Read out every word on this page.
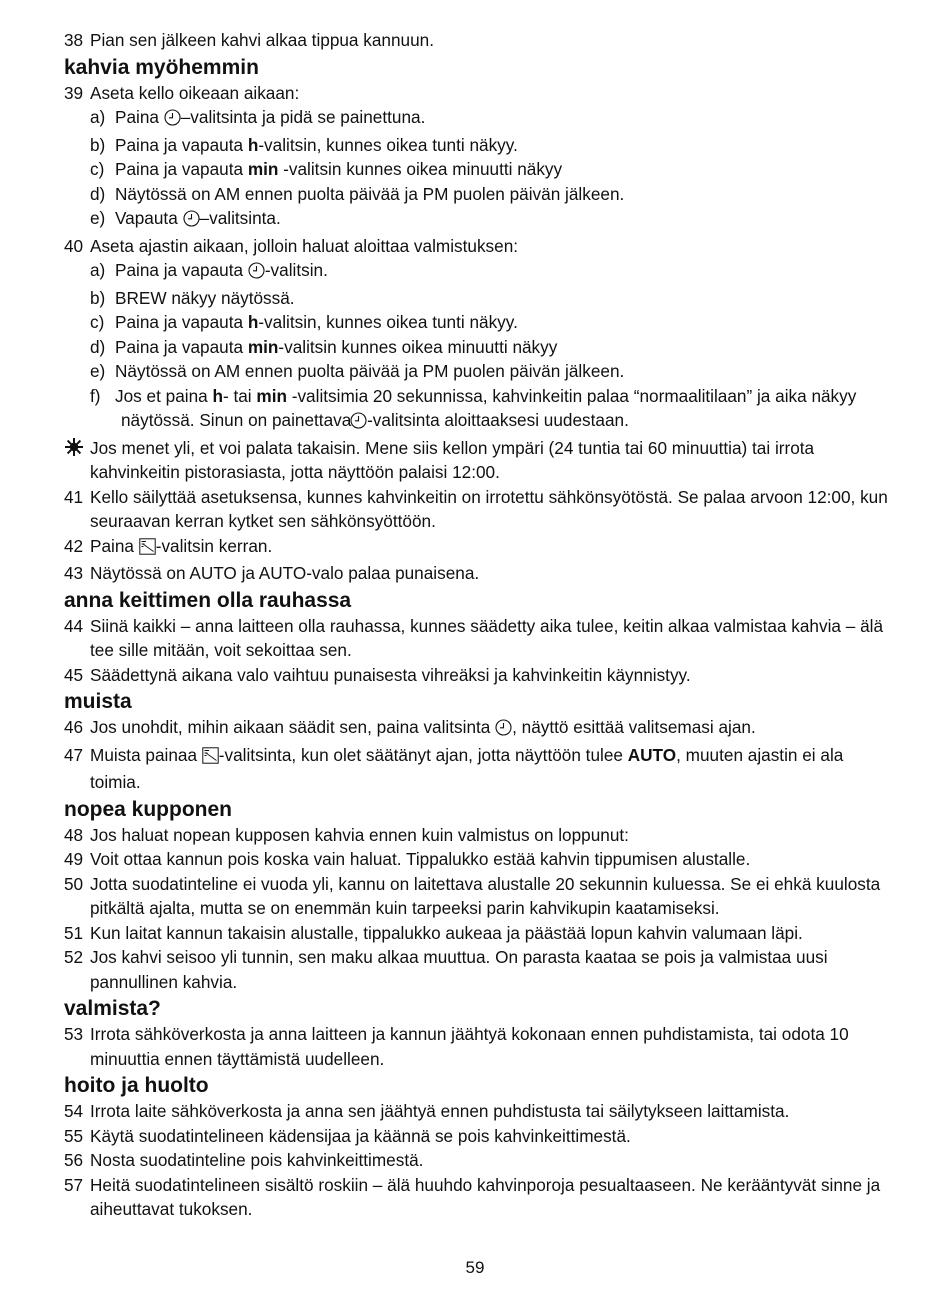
38 Pian sen jälkeen kahvi alkaa tippua kannuun.
kahvia myöhemmin
39 Aseta kello oikeaan aikaan:
a) Paina –valitsinta ja pidä se painettuna.
b) Paina ja vapauta h-valitsin, kunnes oikea tunti näkyy.
c) Paina ja vapauta min -valitsin kunnes oikea minuutti näkyy
d) Näytössä on AM ennen puolta päivää ja PM puolen päivän jälkeen.
e) Vapauta –valitsinta.
40 Aseta ajastin aikaan, jolloin haluat aloittaa valmistuksen:
a) Paina ja vapauta -valitsin.
b) BREW näkyy näytössä.
c) Paina ja vapauta h-valitsin, kunnes oikea tunti näkyy.
d) Paina ja vapauta min-valitsin kunnes oikea minuutti näkyy
e) Näytössä on AM ennen puolta päivää ja PM puolen päivän jälkeen.
f) Jos et paina h- tai min -valitsimia 20 sekunnissa, kahvinkeitin palaa “normaalitilaan” ja aika näkyy näytössä. Sinun on painettava -valitsinta aloittaaksesi uudestaan.
Jos menet yli, et voi palata takaisin. Mene siis kellon ympäri (24 tuntia tai 60 minuuttia) tai irrota kahvinkeitin pistorasiasta, jotta näyttöön palaisi 12:00.
41 Kello säilyttää asetuksensa, kunnes kahvinkeitin on irrotettu sähkönsyötöstä. Se palaa arvoon 12:00, kun seuraavan kerran kytket sen sähkönsyöttöön.
42 Paina -valitsin kerran.
43 Näytössä on AUTO ja AUTO-valo palaa punaisena.
anna keittimen olla rauhassa
44 Siinä kaikki – anna laitteen olla rauhassa, kunnes säädetty aika tulee, keitin alkaa valmistaa kahvia – älä tee sille mitään, voit sekoittaa sen.
45 Säädettynä aikana valo vaihtuu punaisesta vihreäksi ja kahvinkeitin käynnistyy.
muista
46 Jos unohdit, mihin aikaan säädit sen, paina valitsinta , näyttö esittää valitsemasi ajan.
47 Muista painaa -valitsinta, kun olet säätänyt ajan, jotta näyttöön tulee AUTO, muuten ajastin ei ala toimia.
nopea kupponen
48 Jos haluat nopean kupposen kahvia ennen kuin valmistus on loppunut:
49 Voit ottaa kannun pois koska vain haluat. Tippalukko estää kahvin tippumisen alustalle.
50 Jotta suodatinteline ei vuoda yli, kannu on laitettava alustalle 20 sekunnin kuluessa. Se ei ehkä kuulosta pitkältä ajalta, mutta se on enemmän kuin tarpeeksi parin kahvikupin kaatamiseksi.
51 Kun laitat kannun takaisin alustalle, tippalukko aukeaa ja päästää lopun kahvin valumaan läpi.
52 Jos kahvi seisoo yli tunnin, sen maku alkaa muuttua. On parasta kaataa se pois ja valmistaa uusi pannullinen kahvia.
valmista?
53 Irrota sähköverkosta ja anna laitteen ja kannun jäähtyä kokonaan ennen puhdistamista, tai odota 10 minuuttia ennen täyttämistä uudelleen.
hoito ja huolto
54 Irrota laite sähköverkosta ja anna sen jäähtyä ennen puhdistusta tai säilytykseen laittamista.
55 Käytä suodatintelineen kädensijaa ja käännä se pois kahvinkeittimestä.
56 Nosta suodatinteline pois kahvinkeittimestä.
57 Heitä suodatintelineen sisältö roskiin – älä huuhdo kahvinporoja pesualtaaseen. Ne kerääntyvät sinne ja aiheuttavat tukoksen.
59
